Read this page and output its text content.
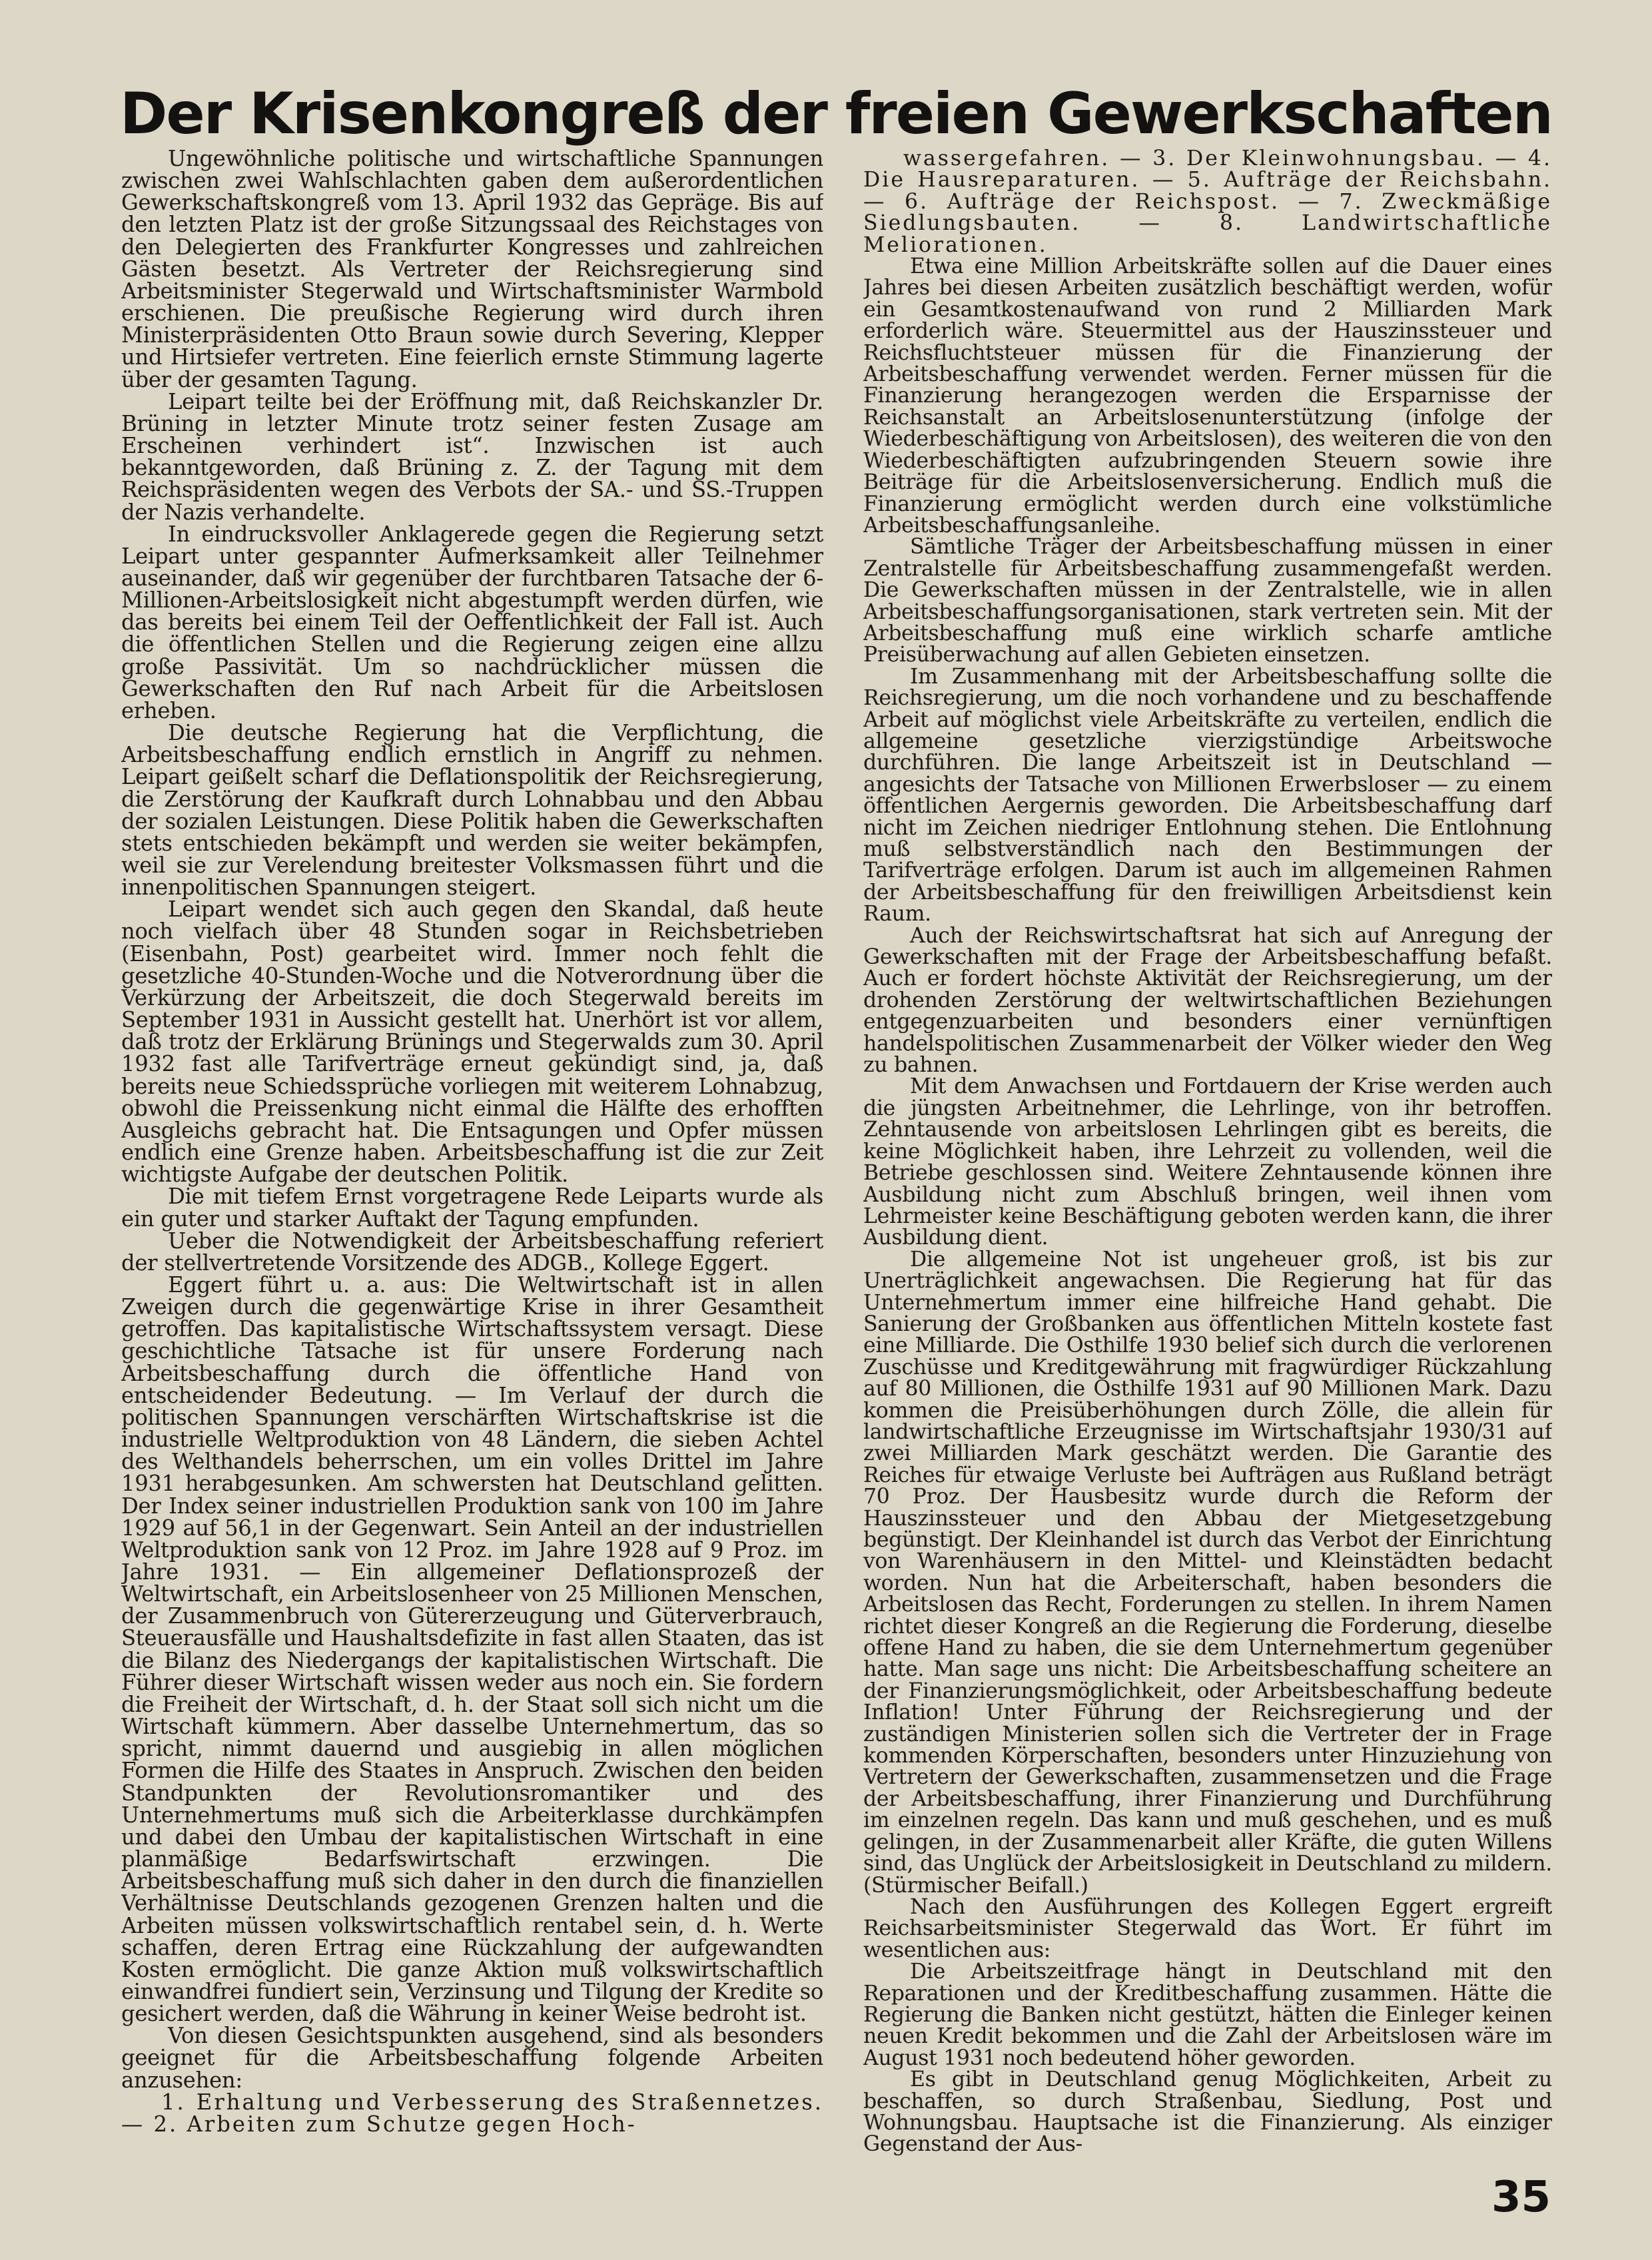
Der Krisenkongreß der freien Gewerkschaften

Ungewöhnliche politische und wirtschaftliche Spannungen zwischen zwei Wahlschlachten gaben dem außerordentlichen Gewerkschaftskongreß vom 13. April 1932 das Gepräge. Bis auf den letzten Platz ist der große Sitzungssaal des Reichstages von den Delegierten des Frankfurter Kongresses und zahlreichen Gästen besetzt. Als Vertreter der Reichsregierung sind Arbeitsminister Stegerwald und Wirtschaftsminister Warmbold erschienen. Die preußische Regierung wird durch ihren Ministerpräsidenten Otto Braun sowie durch Severing, Klepper und Hirtsiefer vertreten. Eine feierlich ernste Stimmung lagerte über der gesamten Tagung.

Leipart teilte bei der Eröffnung mit, daß Reichskanzler Dr. Brüning in letzter Minute trotz seiner festen Zusage am Erscheinen verhindert ist“. Inzwischen ist auch bekanntgeworden, daß Brüning z. Z. der Tagung mit dem Reichspräsidenten wegen des Verbots der SA.- und SS.-Truppen der Nazis verhandelte.

In eindrucksvoller Anklagerede gegen die Regierung setzt Leipart unter gespannter Aufmerksamkeit aller Teilnehmer auseinander, daß wir gegenüber der furchtbaren Tatsache der 6-Millionen-Arbeitslosigkeit nicht abgestumpft werden dürfen, wie das bereits bei einem Teil der Oeffentlichkeit der Fall ist. Auch die öffentlichen Stellen und die Regierung zeigen eine allzu große Passivität. Um so nachdrücklicher müssen die Gewerkschaften den Ruf nach Arbeit für die Arbeitslosen erheben.

Die deutsche Regierung hat die Verpflichtung, die Arbeitsbeschaffung endlich ernstlich in Angriff zu nehmen. Leipart geißelt scharf die Deflationspolitik der Reichsregierung, die Zerstörung der Kaufkraft durch Lohnabbau und den Abbau der sozialen Leistungen. Diese Politik haben die Gewerkschaften stets entschieden bekämpft und werden sie weiter bekämpfen, weil sie zur Verelendung breitester Volksmassen führt und die innenpolitischen Spannungen steigert.

Leipart wendet sich auch gegen den Skandal, daß heute noch vielfach über 48 Stunden sogar in Reichsbetrieben (Eisenbahn, Post) gearbeitet wird. Immer noch fehlt die gesetzliche 40-Stunden-Woche und die Notverordnung über die Verkürzung der Arbeitszeit, die doch Stegerwald bereits im September 1931 in Aussicht gestellt hat. Unerhört ist vor allem, daß trotz der Erklärung Brünings und Stegerwalds zum 30. April 1932 fast alle Tarifverträge erneut gekündigt sind, ja, daß bereits neue Schiedssprüche vorliegen mit weiterem Lohnabzug, obwohl die Preissenkung nicht einmal die Hälfte des erhofften Ausgleichs gebracht hat. Die Entsagungen und Opfer müssen endlich eine Grenze haben. Arbeitsbeschaffung ist die zur Zeit wichtigste Aufgabe der deutschen Politik.

Die mit tiefem Ernst vorgetragene Rede Leiparts wurde als ein guter und starker Auftakt der Tagung empfunden.

Ueber die Notwendigkeit der Arbeitsbeschaffung referiert der stellvertretende Vorsitzende des ADGB., Kollege Eggert.

Eggert führt u. a. aus: Die Weltwirtschaft ist in allen Zweigen durch die gegenwärtige Krise in ihrer Gesamtheit getroffen. Das kapitalistische Wirtschaftssystem versagt. Diese geschichtliche Tatsache ist für unsere Forderung nach Arbeitsbeschaffung durch die öffentliche Hand von entscheidender Bedeutung. — Im Verlauf der durch die politischen Spannungen verschärften Wirtschaftskrise ist die industrielle Weltproduktion von 48 Ländern, die sieben Achtel des Welthandels beherrschen, um ein volles Drittel im Jahre 1931 herabgesunken. Am schwersten hat Deutschland gelitten. Der Index seiner industriellen Produktion sank von 100 im Jahre 1929 auf 56,1 in der Gegenwart. Sein Anteil an der industriellen Weltproduktion sank von 12 Proz. im Jahre 1928 auf 9 Proz. im Jahre 1931. — Ein allgemeiner Deflationsprozeß der Weltwirtschaft, ein Arbeitslosenheer von 25 Millionen Menschen, der Zusammenbruch von Gütererzeugung und Güterverbrauch, Steuerausfälle und Haushaltsdefizite in fast allen Staaten, das ist die Bilanz des Niedergangs der kapitalistischen Wirtschaft. Die Führer dieser Wirtschaft wissen weder aus noch ein. Sie fordern die Freiheit der Wirtschaft, d. h. der Staat soll sich nicht um die Wirtschaft kümmern. Aber dasselbe Unternehmertum, das so spricht, nimmt dauernd und ausgiebig in allen möglichen Formen die Hilfe des Staates in Anspruch. Zwischen den beiden Standpunkten der Revolutionsromantiker und des Unternehmertums muß sich die Arbeiterklasse durchkämpfen und dabei den Umbau der kapitalistischen Wirtschaft in eine planmäßige Bedarfswirtschaft erzwingen. Die Arbeitsbeschaffung muß sich daher in den durch die finanziellen Verhältnisse Deutschlands gezogenen Grenzen halten und die Arbeiten müssen volkswirtschaftlich rentabel sein, d. h. Werte schaffen, deren Ertrag eine Rückzahlung der aufgewandten Kosten ermöglicht. Die ganze Aktion muß volkswirtschaftlich einwandfrei fundiert sein, Verzinsung und Tilgung der Kredite so gesichert werden, daß die Währung in keiner Weise bedroht ist.

Von diesen Gesichtspunkten ausgehend, sind als besonders geeignet für die Arbeitsbeschaffung folgende Arbeiten anzusehen:

1. Erhaltung und Verbesserung des Straßennetzes. — 2. Arbeiten zum Schutze gegen Hoch-

wassergefahren. — 3. Der Kleinwohnungsbau. — 4. Die Hausreparaturen. — 5. Aufträge der Reichsbahn. — 6. Aufträge der Reichspost. — 7. Zweckmäßige Siedlungsbauten. — 8. Landwirtschaftliche Meliorationen.

Etwa eine Million Arbeitskräfte sollen auf die Dauer eines Jahres bei diesen Arbeiten zusätzlich beschäftigt werden, wofür ein Gesamtkostenaufwand von rund 2 Milliarden Mark erforderlich wäre. Steuermittel aus der Hauszinssteuer und Reichsfluchtsteuer müssen für die Finanzierung der Arbeitsbeschaffung verwendet werden. Ferner müssen für die Finanzierung herangezogen werden die Ersparnisse der Reichsanstalt an Arbeitslosenunterstützung (infolge der Wiederbeschäftigung von Arbeitslosen), des weiteren die von den Wiederbeschäftigten aufzubringenden Steuern sowie ihre Beiträge für die Arbeitslosenversicherung. Endlich muß die Finanzierung ermöglicht werden durch eine volkstümliche Arbeitsbeschaffungsanleihe.

Sämtliche Träger der Arbeitsbeschaffung müssen in einer Zentralstelle für Arbeitsbeschaffung zusammengefaßt werden. Die Gewerkschaften müssen in der Zentralstelle, wie in allen Arbeitsbeschaffungsorganisationen, stark vertreten sein. Mit der Arbeitsbeschaffung muß eine wirklich scharfe amtliche Preisüberwachung auf allen Gebieten einsetzen.

Im Zusammenhang mit der Arbeitsbeschaffung sollte die Reichsregierung, um die noch vorhandene und zu beschaffende Arbeit auf möglichst viele Arbeitskräfte zu verteilen, endlich die allgemeine gesetzliche vierzigstündige Arbeitswoche durchführen. Die lange Arbeitszeit ist in Deutschland — angesichts der Tatsache von Millionen Erwerbsloser — zu einem öffentlichen Aergernis geworden. Die Arbeitsbeschaffung darf nicht im Zeichen niedriger Entlohnung stehen. Die Entlohnung muß selbstverständlich nach den Bestimmungen der Tarifverträge erfolgen. Darum ist auch im allgemeinen Rahmen der Arbeitsbeschaffung für den freiwilligen Arbeitsdienst kein Raum.

Auch der Reichswirtschaftsrat hat sich auf Anregung der Gewerkschaften mit der Frage der Arbeitsbeschaffung befaßt. Auch er fordert höchste Aktivität der Reichsregierung, um der drohenden Zerstörung der weltwirtschaftlichen Beziehungen entgegenzuarbeiten und besonders einer vernünftigen handelspolitischen Zusammenarbeit der Völker wieder den Weg zu bahnen.

Mit dem Anwachsen und Fortdauern der Krise werden auch die jüngsten Arbeitnehmer, die Lehrlinge, von ihr betroffen. Zehntausende von arbeitslosen Lehrlingen gibt es bereits, die keine Möglichkeit haben, ihre Lehrzeit zu vollenden, weil die Betriebe geschlossen sind. Weitere Zehntausende können ihre Ausbildung nicht zum Abschluß bringen, weil ihnen vom Lehrmeister keine Beschäftigung geboten werden kann, die ihrer Ausbildung dient.

Die allgemeine Not ist ungeheuer groß, ist bis zur Unerträglichkeit angewachsen. Die Regierung hat für das Unternehmertum immer eine hilfreiche Hand gehabt. Die Sanierung der Großbanken aus öffentlichen Mitteln kostete fast eine Milliarde. Die Osthilfe 1930 belief sich durch die verlorenen Zuschüsse und Kreditgewährung mit fragwürdiger Rückzahlung auf 80 Millionen, die Osthilfe 1931 auf 90 Millionen Mark. Dazu kommen die Preisüberhöhungen durch Zölle, die allein für landwirtschaftliche Erzeugnisse im Wirtschaftsjahr 1930/31 auf zwei Milliarden Mark geschätzt werden. Die Garantie des Reiches für etwaige Verluste bei Aufträgen aus Rußland beträgt 70 Proz. Der Hausbesitz wurde durch die Reform der Hauszinssteuer und den Abbau der Mietgesetzgebung begünstigt. Der Kleinhandel ist durch das Verbot der Einrichtung von Warenhäusern in den Mittel- und Kleinstädten bedacht worden. Nun hat die Arbeiterschaft, haben besonders die Arbeitslosen das Recht, Forderungen zu stellen. In ihrem Namen richtet dieser Kongreß an die Regierung die Forderung, dieselbe offene Hand zu haben, die sie dem Unternehmertum gegenüber hatte. Man sage uns nicht: Die Arbeitsbeschaffung scheitere an der Finanzierungsmöglichkeit, oder Arbeitsbeschaffung bedeute Inflation! Unter Führung der Reichsregierung und der zuständigen Ministerien sollen sich die Vertreter der in Frage kommenden Körperschaften, besonders unter Hinzuziehung von Vertretern der Gewerkschaften, zusammensetzen und die Frage der Arbeitsbeschaffung, ihrer Finanzierung und Durchführung im einzelnen regeln. Das kann und muß geschehen, und es muß gelingen, in der Zusammenarbeit aller Kräfte, die guten Willens sind, das Unglück der Arbeitslosigkeit in Deutschland zu mildern. (Stürmischer Beifall.)

Nach den Ausführungen des Kollegen Eggert ergreift Reichsarbeitsminister Stegerwald das Wort. Er führt im wesentlichen aus:

Die Arbeitszeitfrage hängt in Deutschland mit den Reparationen und der Kreditbeschaffung zusammen. Hätte die Regierung die Banken nicht gestützt, hätten die Einleger keinen neuen Kredit bekommen und die Zahl der Arbeitslosen wäre im August 1931 noch bedeutend höher geworden.

Es gibt in Deutschland genug Möglichkeiten, Arbeit zu beschaffen, so durch Straßenbau, Siedlung, Post und Wohnungsbau. Hauptsache ist die Finanzierung. Als einziger Gegenstand der Aus-

35
